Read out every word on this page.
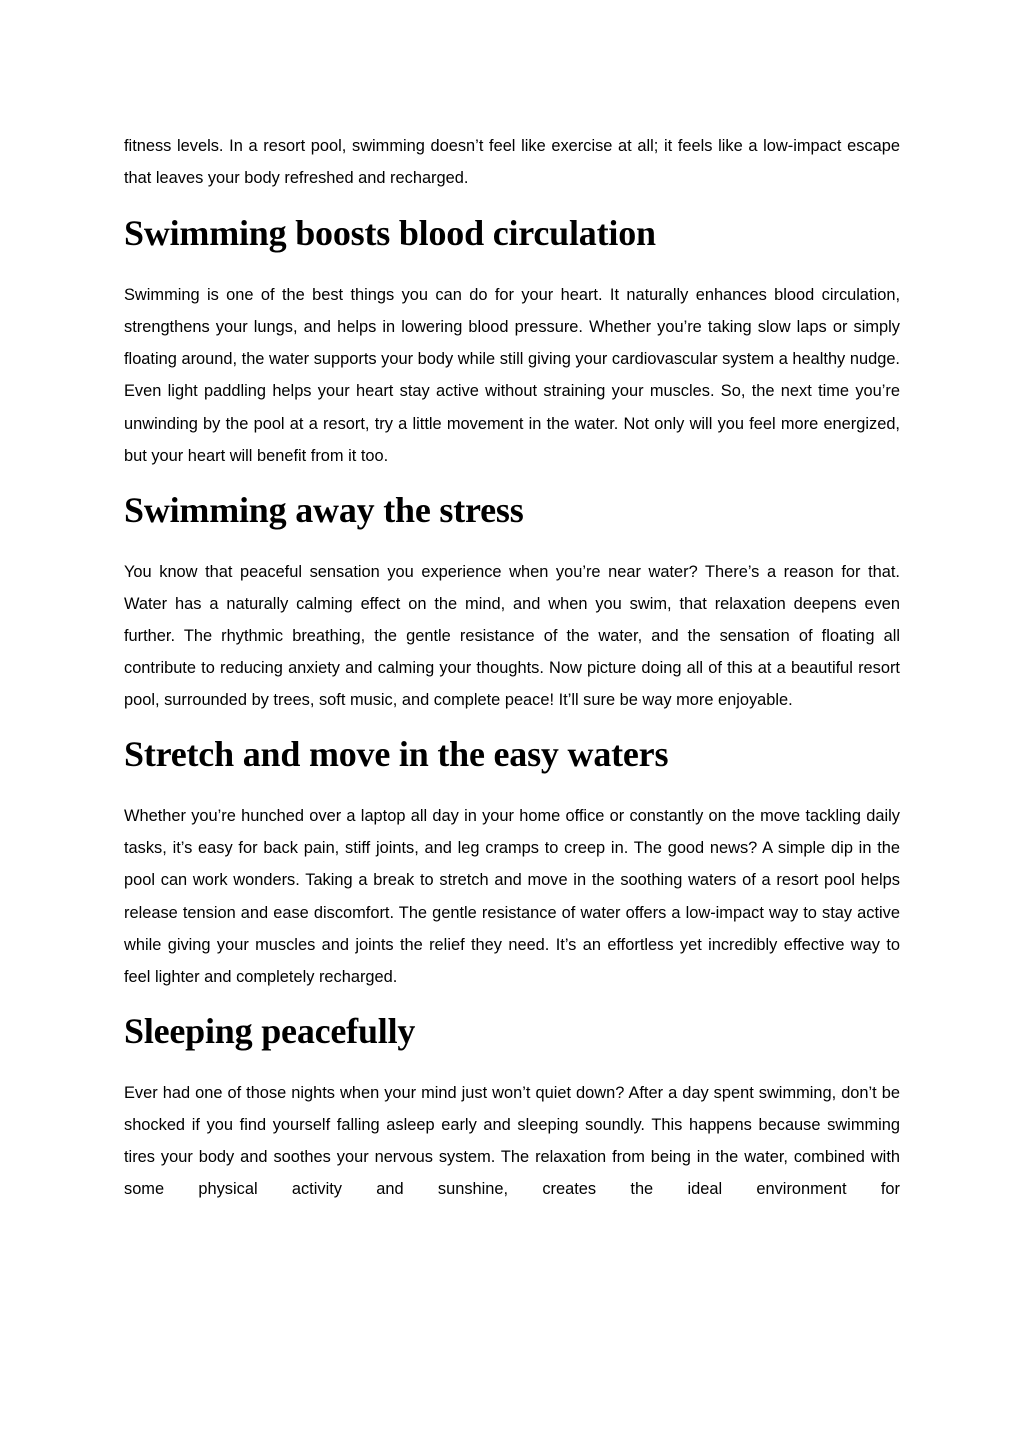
fitness levels. In a resort pool, swimming doesn’t feel like exercise at all; it feels like a low-impact escape that leaves your body refreshed and recharged.

Swimming boosts blood circulation

Swimming is one of the best things you can do for your heart. It naturally enhances blood circulation, strengthens your lungs, and helps in lowering blood pressure. Whether you’re taking slow laps or simply floating around, the water supports your body while still giving your cardiovascular system a healthy nudge. Even light paddling helps your heart stay active without straining your muscles. So, the next time you’re unwinding by the pool at a resort, try a little movement in the water. Not only will you feel more energized, but your heart will benefit from it too.

Swimming away the stress

You know that peaceful sensation you experience when you’re near water? There’s a reason for that. Water has a naturally calming effect on the mind, and when you swim, that relaxation deepens even further. The rhythmic breathing, the gentle resistance of the water, and the sensation of floating all contribute to reducing anxiety and calming your thoughts. Now picture doing all of this at a beautiful resort pool, surrounded by trees, soft music, and complete peace! It’ll sure be way more enjoyable.

Stretch and move in the easy waters

Whether you’re hunched over a laptop all day in your home office or constantly on the move tackling daily tasks, it’s easy for back pain, stiff joints, and leg cramps to creep in. The good news? A simple dip in the pool can work wonders. Taking a break to stretch and move in the soothing waters of a resort pool helps release tension and ease discomfort. The gentle resistance of water offers a low-impact way to stay active while giving your muscles and joints the relief they need. It’s an effortless yet incredibly effective way to feel lighter and completely recharged.

Sleeping peacefully

Ever had one of those nights when your mind just won’t quiet down? After a day spent swimming, don’t be shocked if you find yourself falling asleep early and sleeping soundly. This happens because swimming tires your body and soothes your nervous system. The relaxation from being in the water, combined with some physical activity and sunshine, creates the ideal environment for
